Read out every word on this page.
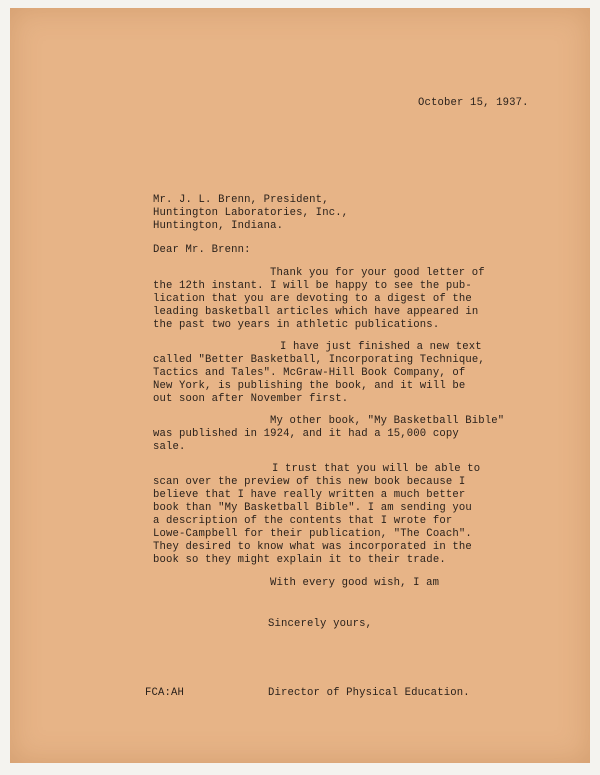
October 15, 1937.
Mr. J. L. Brenn, President,
Huntington Laboratories, Inc.,
Huntington, Indiana.
Dear Mr. Brenn:
Thank you for your good letter of
the 12th instant. I will be happy to see the pub-
lication that you are devoting to a digest of the
leading basketball articles which have appeared in
the past two years in athletic publications.
I have just finished a new text
called "Better Basketball, Incorporating Technique,
Tactics and Tales". McGraw-Hill Book Company, of
New York, is publishing the book, and it will be
out soon after November first.
My other book, "My Basketball Bible"
was published in 1924, and it had a 15,000 copy
sale.
I trust that you will be able to
scan over the preview of this new book because I
believe that I have really written a much better
book than "My Basketball Bible". I am sending you
a description of the contents that I wrote for
Lowe-Campbell for their publication, "The Coach".
They desired to know what was incorporated in the
book so they might explain it to their trade.
With every good wish, I am
Sincerely yours,
FCA:AH	Director of Physical Education.
